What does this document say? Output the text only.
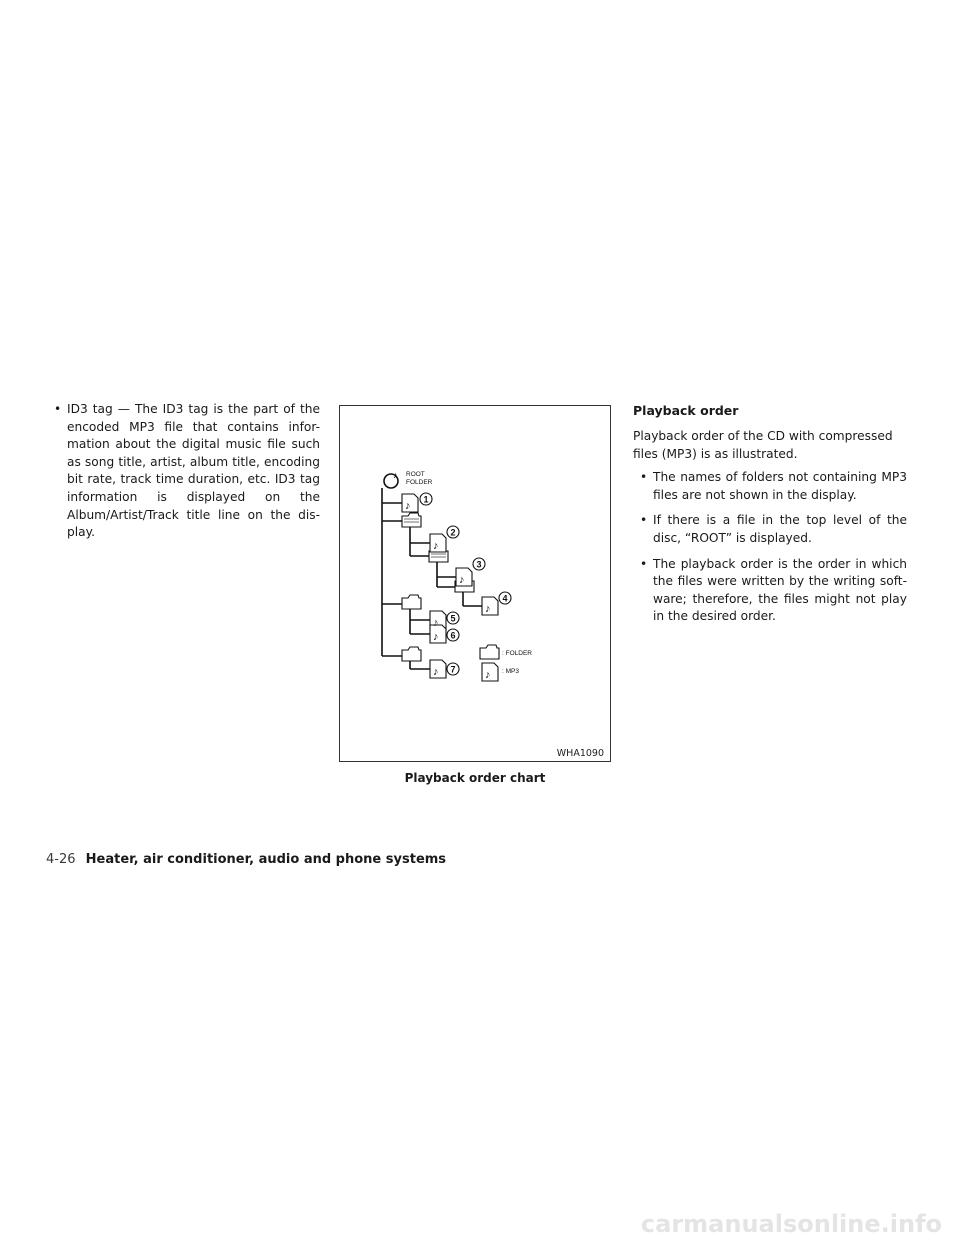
• ID3 tag — The ID3 tag is the part of the encoded MP3 file that contains infor-mation about the digital music file such as song title, artist, album title, encoding bit rate, track time duration, etc. ID3 tag information is displayed on the Album/Artist/Track title line on the dis-play.
♪
♪
♪
♪
♪
♪
♪	♪
♪
1
2
3
4
5
6
7
ROOT
FOLDER
: FOLDER
: MP3
WHA1090
Playback order chart
Playback order
Playback order of the CD with compressed files (MP3) is as illustrated.
• The names of folders not containing MP3 files are not shown in the display.
• If there is a file in the top level of the disc, “ROOT” is displayed.
• The playback order is the order in which the files were written by the writing soft-ware; therefore, the files might not play in the desired order.
4-26 Heater, air conditioner, audio and phone systems
carmanualsonline.info
